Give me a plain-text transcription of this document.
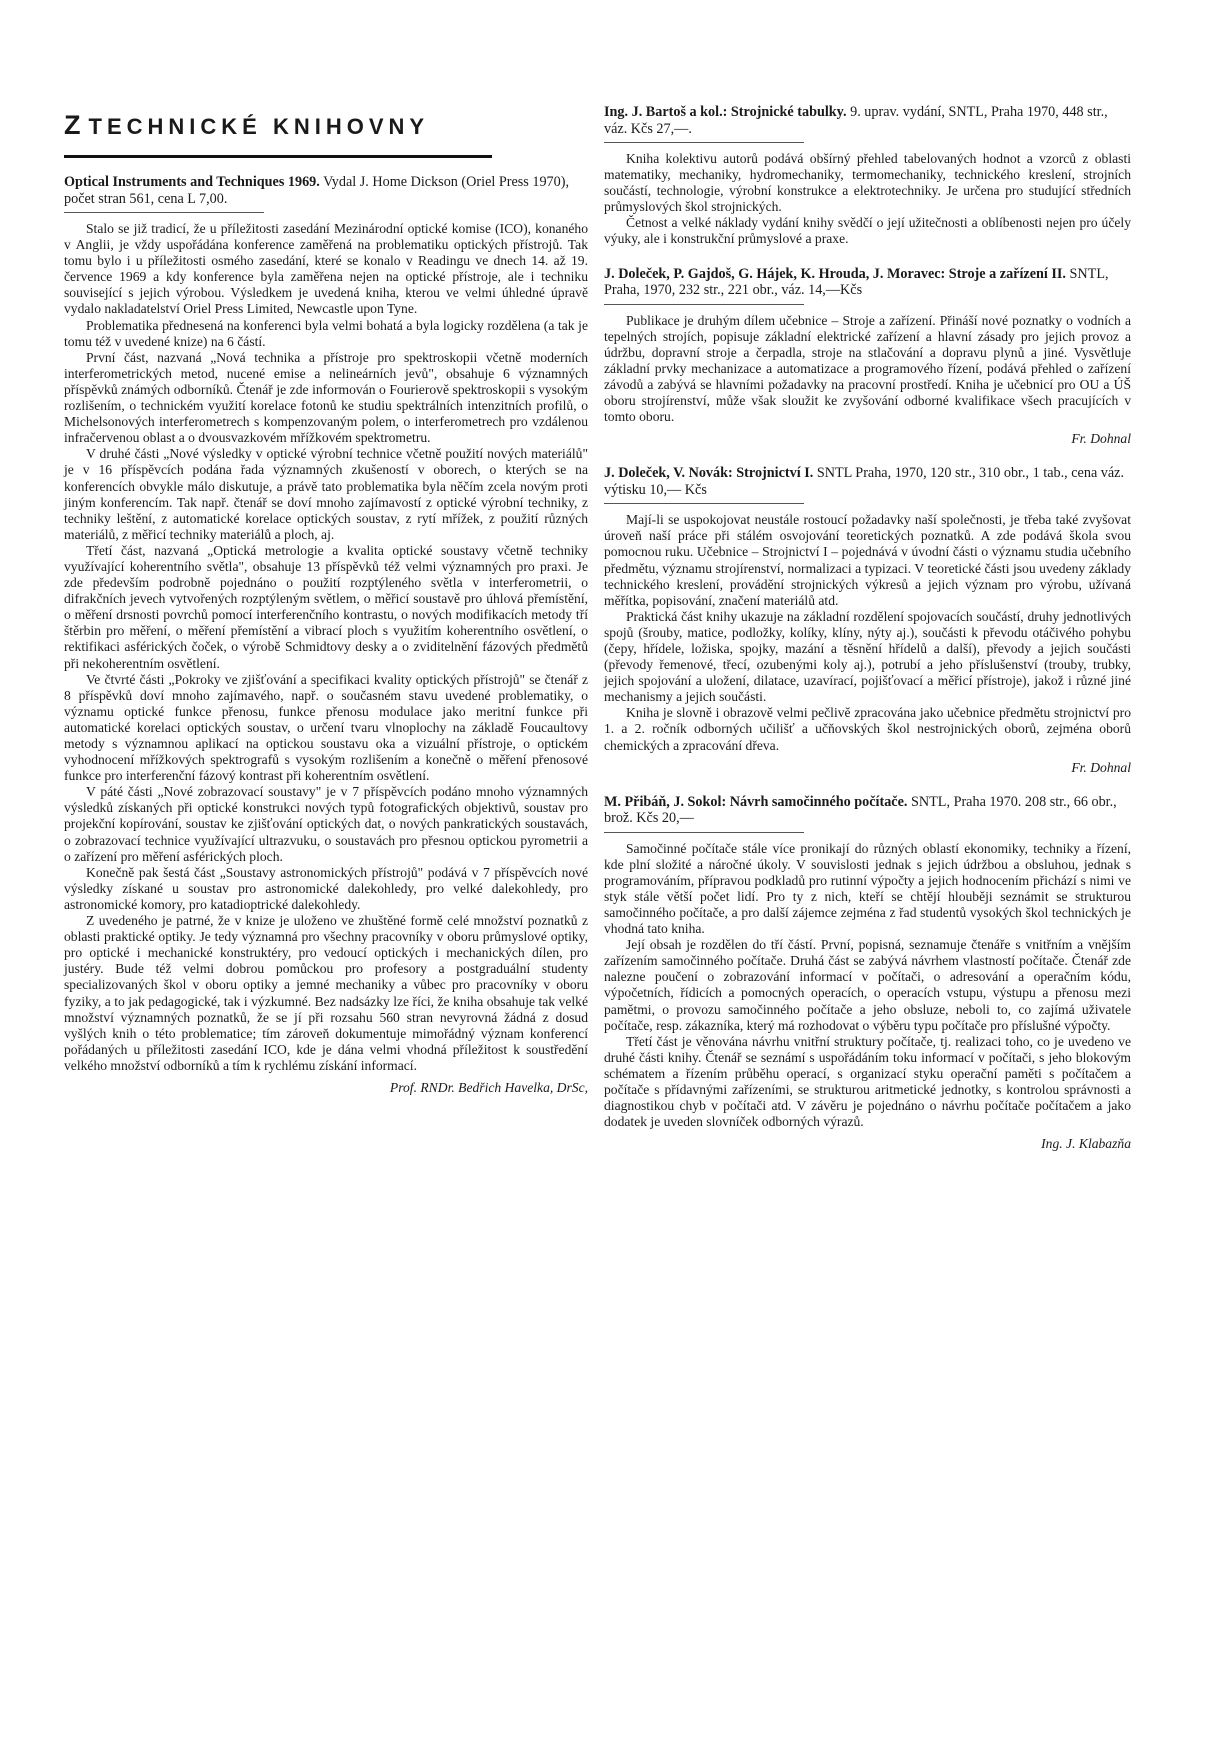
Z TECHNICKÉ KNIHOVNY

Optical Instruments and Techniques 1969. Vydal J. Home Dickson (Oriel Press 1970), počet stran 561, cena L 7,00.

Stalo se již tradicí, že u příležitosti zasedání Mezinárodní optické komise (ICO), konaného v Anglii, je vždy uspořádána konference zaměřená na problematiku optických přístrojů. Tak tomu bylo i u příležitosti osmého zasedání, které se konalo v Readingu ve dnech 14. až 19. července 1969 a kdy konference byla zaměřena nejen na optické přístroje, ale i techniku související s jejich výrobou. Výsledkem je uvedená kniha, kterou ve velmi úhledné úpravě vydalo nakladatelství Oriel Press Limited, Newcastle upon Tyne.

Problematika přednesená na konferenci byla velmi bohatá a byla logicky rozdělena (a tak je tomu též v uvedené knize) na 6 částí.

První část, nazvaná „Nová technika a přístroje pro spektroskopii včetně moderních interferometrických metod, nucené emise a nelineárních jevů", obsahuje 6 významných příspěvků známých odborníků. Čtenář je zde informován o Fourierově spektroskopii s vysokým rozlišením, o technickém využití korelace fotonů ke studiu spektrálních intenzitních profilů, o Michelsonových interferometrech s kompenzovaným polem, o interferometrech pro vzdálenou infračervenou oblast a o dvousvazkovém mřížkovém spektrometru.

V druhé části „Nové výsledky v optické výrobní technice včetně použití nových materiálů" je v 16 příspěvcích podána řada významných zkušeností v oborech, o kterých se na konferencích obvykle málo diskutuje, a právě tato problematika byla něčím zcela novým proti jiným konferencím. Tak např. čtenář se doví mnoho zajímavostí z optické výrobní techniky, z techniky leštění, z automatické korelace optických soustav, z rytí mřížek, z použití různých materiálů, z měřicí techniky materiálů a ploch, aj.

Třetí část, nazvaná „Optická metrologie a kvalita optické soustavy včetně techniky využívající koherentního světla", obsahuje 13 příspěvků též velmi významných pro praxi. Je zde především podrobně pojednáno o použití rozptýleného světla v interferometrii, o difrakčních jevech vytvořených rozptýleným světlem, o měřicí soustavě pro úhlová přemístění, o měření drsnosti povrchů pomocí interferenčního kontrastu, o nových modifikacích metody tří štěrbin pro měření, o měření přemístění a vibrací ploch s využitím koherentního osvětlení, o rektifikaci asférických čoček, o výrobě Schmidtovy desky a o zviditelnění fázových předmětů při nekoherentním osvětlení.

Ve čtvrté části „Pokroky ve zjišťování a specifikaci kvality optických přístrojů" se čtenář z 8 příspěvků doví mnoho zajímavého, např. o současném stavu uvedené problematiky, o významu optické funkce přenosu, funkce přenosu modulace jako meritní funkce při automatické korelaci optických soustav, o určení tvaru vlnoplochy na základě Foucaultovy metody s významnou aplikací na optickou soustavu oka a vizuální přístroje, o optickém vyhodnocení mřížkových spektrografů s vysokým rozlišením a konečně o měření přenosové funkce pro interferenční fázový kontrast při koherentním osvětlení.

V páté části „Nové zobrazovací soustavy" je v 7 příspěvcích podáno mnoho významných výsledků získaných při optické konstrukci nových typů fotografických objektivů, soustav pro projekční kopírování, soustav ke zjišťování optických dat, o nových pankratických soustavách, o zobrazovací technice využívající ultrazvuku, o soustavách pro přesnou optickou pyrometrii a o zařízení pro měření asférických ploch.

Konečně pak šestá část „Soustavy astronomických přístrojů" podává v 7 příspěvcích nové výsledky získané u soustav pro astronomické dalekohledy, pro velké dalekohledy, pro astronomické komory, pro katadioptrické dalekohledy.

Z uvedeného je patrné, že v knize je uloženo ve zhuštěné formě celé množství poznatků z oblasti praktické optiky. Je tedy významná pro všechny pracovníky v oboru průmyslové optiky, pro optické i mechanické konstruktéry, pro vedoucí optických i mechanických dílen, pro justéry. Bude též velmi dobrou pomůckou pro profesory a postgraduální studenty specializovaných škol v oboru optiky a jemné mechaniky a vůbec pro pracovníky v oboru fyziky, a to jak pedagogické, tak i výzkumné. Bez nadsázky lze říci, že kniha obsahuje tak velké množství významných poznatků, že se jí při rozsahu 560 stran nevyrovná žádná z dosud vyšlých knih o této problematice; tím zároveň dokumentuje mimořádný význam konferencí pořádaných u příležitosti zasedání ICO, kde je dána velmi vhodná příležitost k soustředění velkého množství odborníků a tím k rychlému získání informací.

Prof. RNDr. Bedřich Havelka, DrSc,

Ing. J. Bartoš a kol.: Strojnické tabulky. 9. uprav. vydání, SNTL, Praha 1970, 448 str., váz. Kčs 27,—.

Kniha kolektivu autorů podává obšírný přehled tabelovaných hodnot a vzorců z oblasti matematiky, mechaniky, hydromechaniky, termomechaniky, technického kreslení, strojních součástí, technologie, výrobní konstrukce a elektrotechniky. Je určena pro studující středních průmyslových škol strojnických.

Četnost a velké náklady vydání knihy svědčí o její užitečnosti a oblíbenosti nejen pro účely výuky, ale i konstrukční průmyslové a praxe.

J. Doleček, P. Gajdoš, G. Hájek, K. Hrouda, J. Moravec: Stroje a zařízení II. SNTL, Praha, 1970, 232 str., 221 obr., váz. 14,—Kčs

Publikace je druhým dílem učebnice – Stroje a zařízení. Přináší nové poznatky o vodních a tepelných strojích, popisuje základní elektrické zařízení a hlavní zásady pro jejich provoz a údržbu, dopravní stroje a čerpadla, stroje na stlačování a dopravu plynů a jiné. Vysvětluje základní prvky mechanizace a automatizace a programového řízení, podává přehled o zařízení závodů a zabývá se hlavními požadavky na pracovní prostředí. Kniha je učebnicí pro OU a ÚŠ oboru strojírenství, může však sloužit ke zvyšování odborné kvalifikace všech pracujících v tomto oboru.

Fr. Dohnal

J. Doleček, V. Novák: Strojnictví I. SNTL Praha, 1970, 120 str., 310 obr., 1 tab., cena váz. výtisku 10,— Kčs

Mají-li se uspokojovat neustále rostoucí požadavky naší společnosti, je třeba také zvyšovat úroveň naší práce při stálém osvojování teoretických poznatků. A zde podává škola svou pomocnou ruku. Učebnice – Strojnictví I – pojednává v úvodní části o významu studia učebního předmětu, významu strojírenství, normalizaci a typizaci. V teoretické části jsou uvedeny základy technického kreslení, provádění strojnických výkresů a jejich význam pro výrobu, užívaná měřítka, popisování, značení materiálů atd.

Praktická část knihy ukazuje na základní rozdělení spojovacích součástí, druhy jednotlivých spojů (šrouby, matice, podložky, kolíky, klíny, nýty aj.), součásti k převodu otáčivého pohybu (čepy, hřídele, ložiska, spojky, mazání a těsnění hřídelů a další), převody a jejich součásti (převody řemenové, třecí, ozubenými koly aj.), potrubí a jeho příslušenství (trouby, trubky, jejich spojování a uložení, dilatace, uzavírací, pojišťovací a měřicí přístroje), jakož i různé jiné mechanismy a jejich součásti.

Kniha je slovně i obrazově velmi pečlivě zpracována jako učebnice předmětu strojnictví pro 1. a 2. ročník odborných učilišť a učňovských škol nestrojnických oborů, zejména oborů chemických a zpracování dřeva.

Fr. Dohnal

M. Přibáň, J. Sokol: Návrh samočinného počítače. SNTL, Praha 1970. 208 str., 66 obr., brož. Kčs 20,—

Samočinné počítače stále více pronikají do různých oblastí ekonomiky, techniky a řízení, kde plní složité a náročné úkoly. V souvislosti jednak s jejich údržbou a obsluhou, jednak s programováním, přípravou podkladů pro rutinní výpočty a jejich hodnocením přichází s nimi ve styk stále větší počet lidí. Pro ty z nich, kteří se chtějí hlouběji seznámit se strukturou samočinného počítače, a pro další zájemce zejména z řad studentů vysokých škol technických je vhodná tato kniha.

Její obsah je rozdělen do tří částí. První, popisná, seznamuje čtenáře s vnitřním a vnějším zařízením samočinného počítače. Druhá část se zabývá návrhem vlastností počítače. Čtenář zde nalezne poučení o zobrazování informací v počítači, o adresování a operačním kódu, výpočetních, řídicích a pomocných operacích, o operacích vstupu, výstupu a přenosu mezi pamětmi, o provozu samočinného počítače a jeho obsluze, neboli to, co zajímá uživatele počítače, resp. zákazníka, který má rozhodovat o výběru typu počítače pro příslušné výpočty.

Třetí část je věnována návrhu vnitřní struktury počítače, tj. realizaci toho, co je uvedeno ve druhé části knihy. Čtenář se seznámí s uspořádáním toku informací v počítači, s jeho blokovým schématem a řízením průběhu operací, s organizací styku operační paměti s počítačem a počítače s přídavnými zařízeními, se strukturou aritmetické jednotky, s kontrolou správnosti a diagnostikou chyb v počítači atd. V závěru je pojednáno o návrhu počítače počítačem a jako dodatek je uveden slovníček odborných výrazů.

Ing. J. Klabazňa
